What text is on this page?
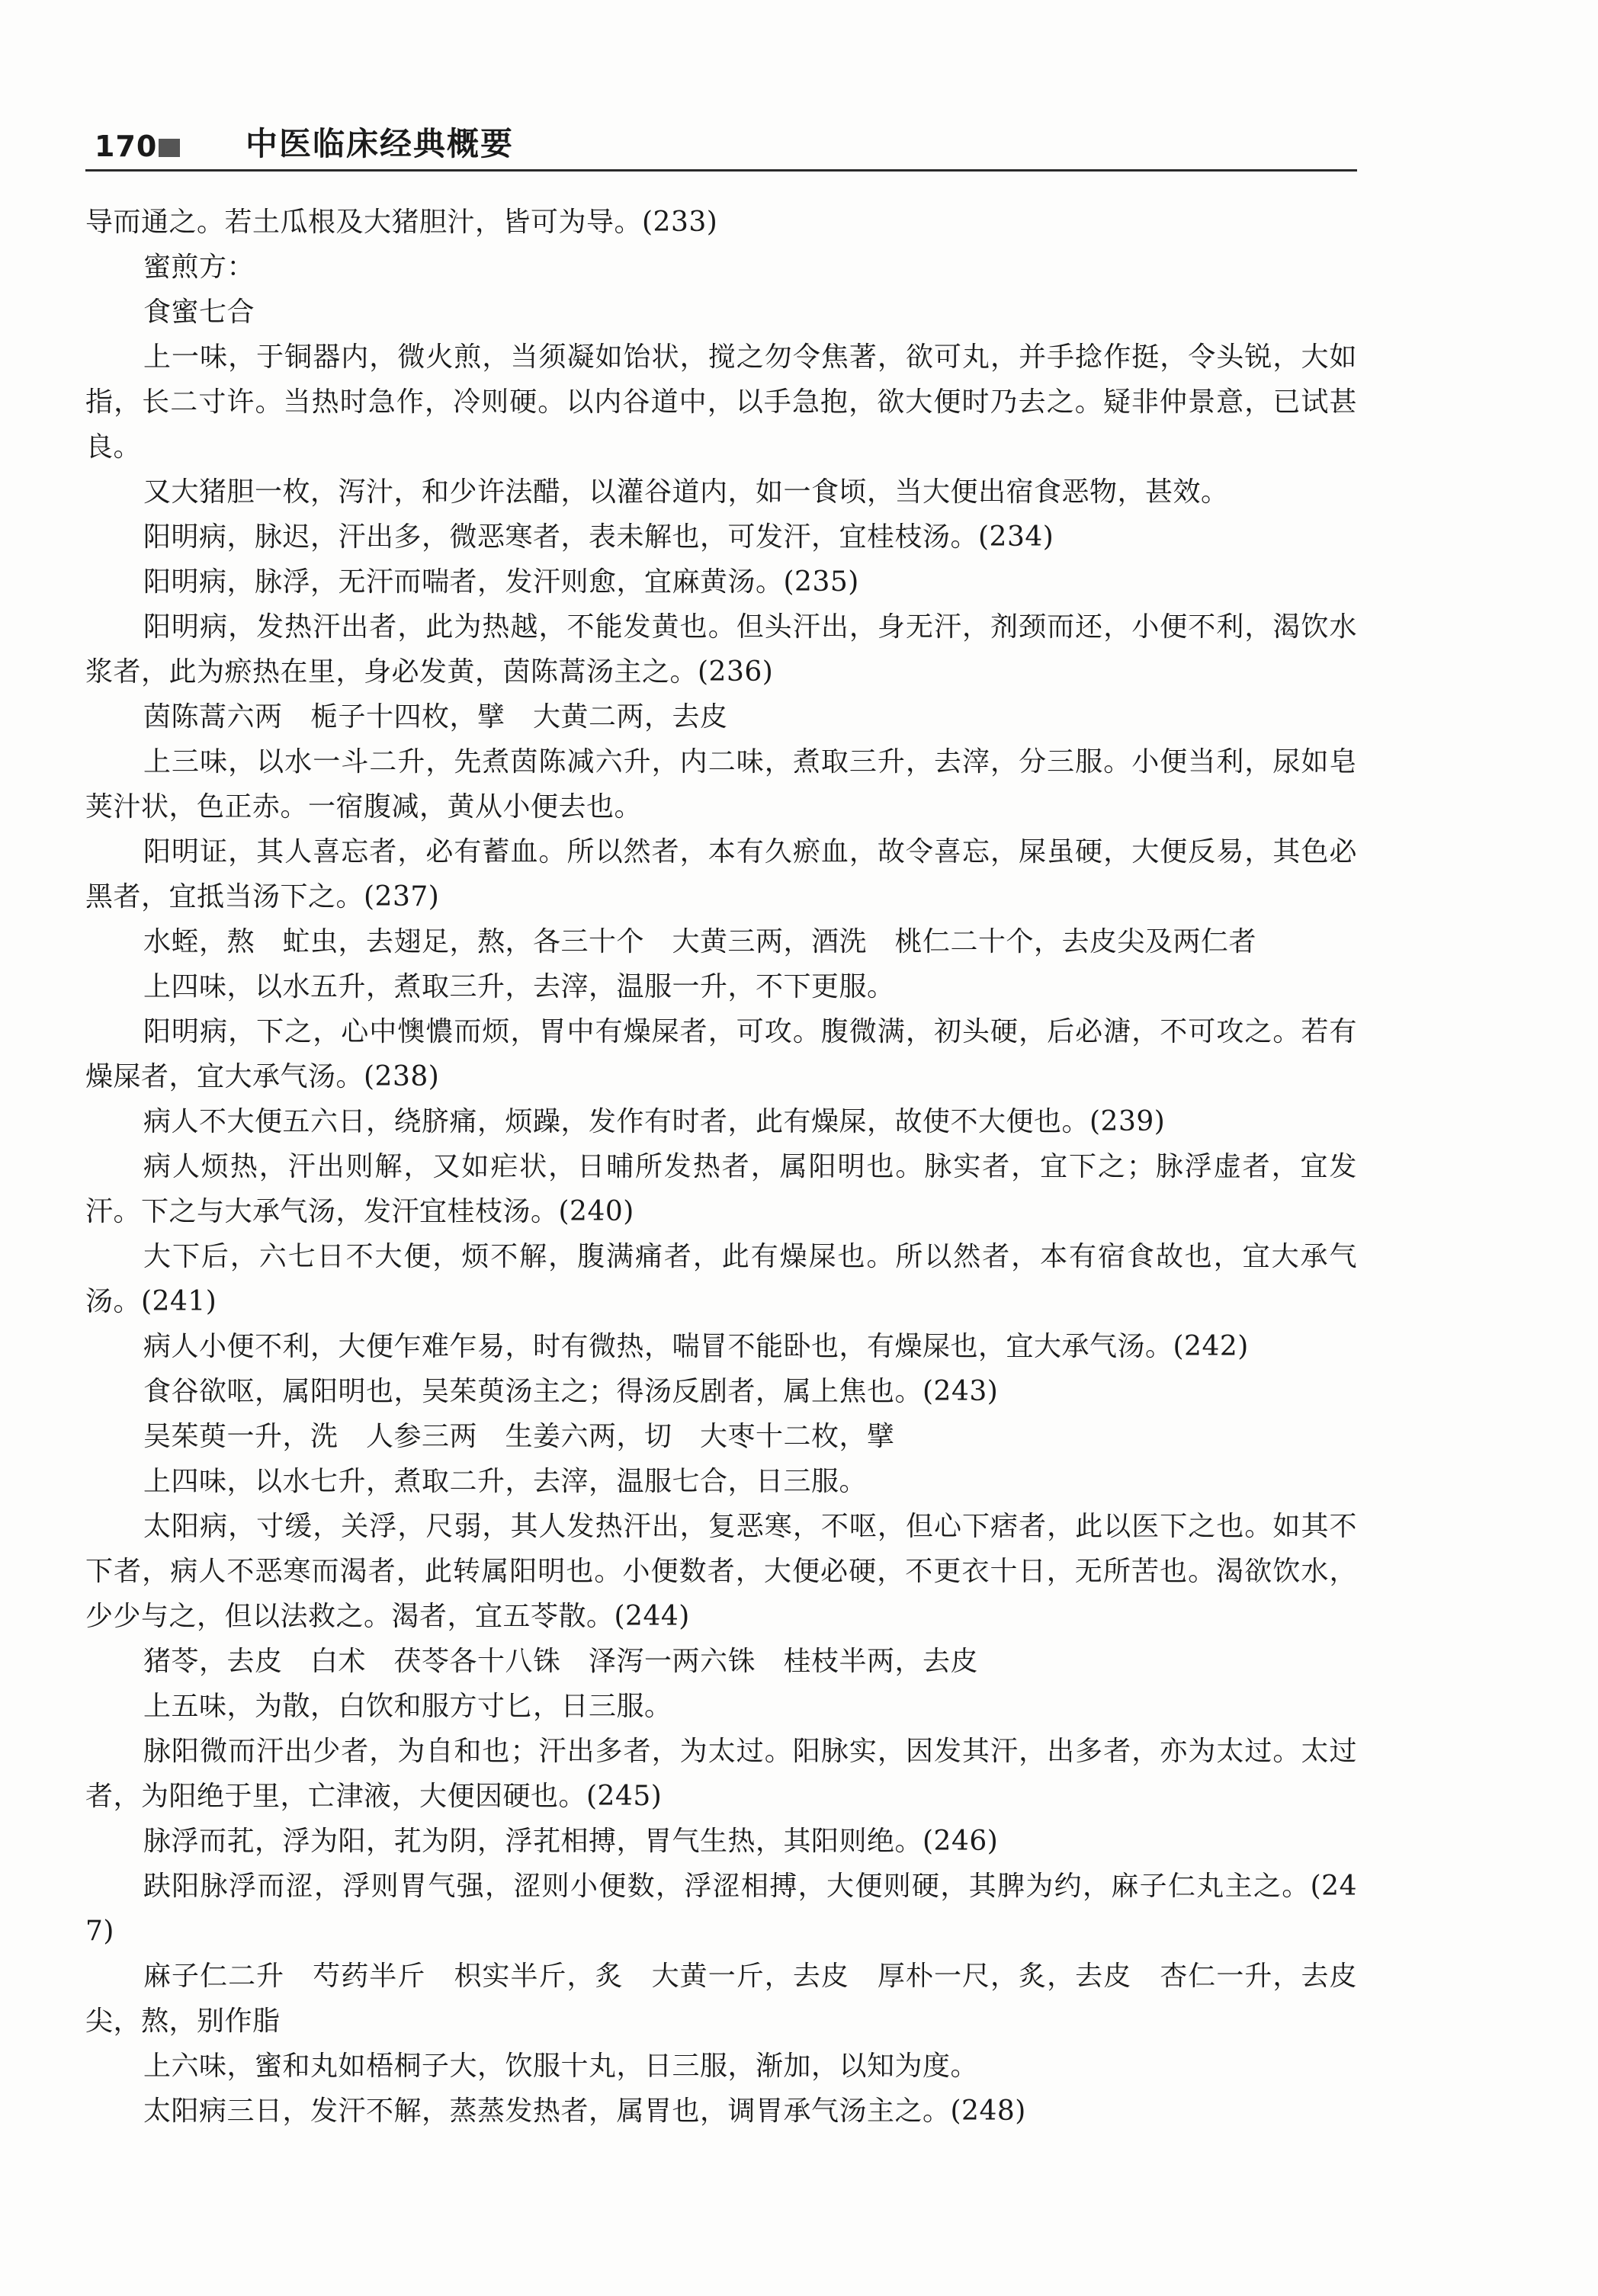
170	中医临床经典概要

导而通之。若土瓜根及大猪胆汁，皆可为导。(233)

蜜煎方：

食蜜七合

上一味，于铜器内，微火煎，当须凝如饴状，搅之勿令焦著，欲可丸，并手捻作挺，令头锐，大如指，长二寸许。当热时急作，冷则硬。以内谷道中，以手急抱，欲大便时乃去之。疑非仲景意，已试甚良。

又大猪胆一枚，泻汁，和少许法醋，以灌谷道内，如一食顷，当大便出宿食恶物，甚效。

阳明病，脉迟，汗出多，微恶寒者，表未解也，可发汗，宜桂枝汤。(234)

阳明病，脉浮，无汗而喘者，发汗则愈，宜麻黄汤。(235)

阳明病，发热汗出者，此为热越，不能发黄也。但头汗出，身无汗，剂颈而还，小便不利，渴饮水浆者，此为瘀热在里，身必发黄，茵陈蒿汤主之。(236)

茵陈蒿六两　栀子十四枚，擘　大黄二两，去皮

上三味，以水一斗二升，先煮茵陈减六升，内二味，煮取三升，去滓，分三服。小便当利，尿如皂荚汁状，色正赤。一宿腹减，黄从小便去也。

阳明证，其人喜忘者，必有蓄血。所以然者，本有久瘀血，故令喜忘，屎虽硬，大便反易，其色必黑者，宜抵当汤下之。(237)

水蛭，熬　虻虫，去翅足，熬，各三十个　大黄三两，酒洗　桃仁二十个，去皮尖及两仁者

上四味，以水五升，煮取三升，去滓，温服一升，不下更服。

阳明病，下之，心中懊憹而烦，胃中有燥屎者，可攻。腹微满，初头硬，后必溏，不可攻之。若有燥屎者，宜大承气汤。(238)

病人不大便五六日，绕脐痛，烦躁，发作有时者，此有燥屎，故使不大便也。(239)

病人烦热，汗出则解，又如疟状，日晡所发热者，属阳明也。脉实者，宜下之；脉浮虚者，宜发汗。下之与大承气汤，发汗宜桂枝汤。(240)

大下后，六七日不大便，烦不解，腹满痛者，此有燥屎也。所以然者，本有宿食故也，宜大承气汤。(241)

病人小便不利，大便乍难乍易，时有微热，喘冒不能卧也，有燥屎也，宜大承气汤。(242)

食谷欲呕，属阳明也，吴茱萸汤主之；得汤反剧者，属上焦也。(243)

吴茱萸一升，洗　人参三两　生姜六两，切　大枣十二枚，擘

上四味，以水七升，煮取二升，去滓，温服七合，日三服。

太阳病，寸缓，关浮，尺弱，其人发热汗出，复恶寒，不呕，但心下痞者，此以医下之也。如其不下者，病人不恶寒而渴者，此转属阳明也。小便数者，大便必硬，不更衣十日，无所苦也。渴欲饮水，少少与之，但以法救之。渴者，宜五苓散。(244)

猪苓，去皮　白术　茯苓各十八铢　泽泻一两六铢　桂枝半两，去皮

上五味，为散，白饮和服方寸匕，日三服。

脉阳微而汗出少者，为自和也；汗出多者，为太过。阳脉实，因发其汗，出多者，亦为太过。太过者，为阳绝于里，亡津液，大便因硬也。(245)

脉浮而芤，浮为阳，芤为阴，浮芤相搏，胃气生热，其阳则绝。(246)

趺阳脉浮而涩，浮则胃气强，涩则小便数，浮涩相搏，大便则硬，其脾为约，麻子仁丸主之。(247)

麻子仁二升　芍药半斤　枳实半斤，炙　大黄一斤，去皮　厚朴一尺，炙，去皮　杏仁一升，去皮尖，熬，别作脂

上六味，蜜和丸如梧桐子大，饮服十丸，日三服，渐加，以知为度。

太阳病三日，发汗不解，蒸蒸发热者，属胃也，调胃承气汤主之。(248)
